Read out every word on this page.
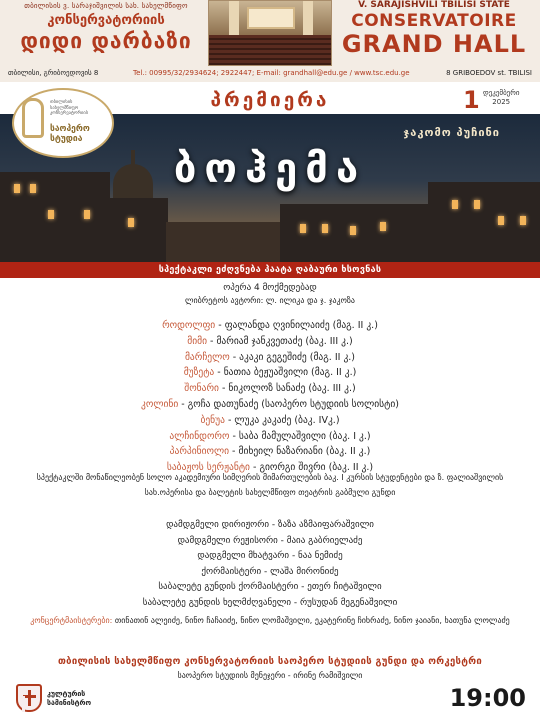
თბილისის ვ. სარაჯიშვილის სახ. სახელმწიფო
კონსერვატორიის
დიდი დარბაზი
V. SARAJISHVILI TBILISI STATE
CONSERVATOIRE
GRAND HALL
თბილისი, გრიბოედოვის 8	Tel.: 00995/32/2934624; 2922447; E-mail: grandhall@edu.ge / www.tsc.edu.ge	8 GRIBOEDOV st. TBILISI
პრემიერა	1 დეკემბერი
2025
ჯაკომო პუჩინი
ბოჰემა
თბილისის
სახელმწიფო
კონსერვატორიის
საოპერო
სტუდია
სპექტაკლი ეძღვნება პაატა ღაბაური ხსოვნას
ოპერა 4 მოქმედებად
ლიბრეტოს ავტორი: ლ. ილიკა და ჯ. ჯაკოზა
როდოლფი - ფალანდა ღვინილაიძე (მაგ. II კ.)
მიმი - მარიამ ჯანკვეთაძე (ბაკ. III კ.)
მარჩელო - აკაკი გეგეშიძე (მაგ. II კ.)
მუზეტა - ნათია ბეჟუაშვილი (მაგ. II კ.)
შონარი - ნიკოლოზ სანაძე (ბაკ. III კ.)
კოლინი - გოჩა დათუნაძე (საოპერო სტუდიის სოლისტი)
ბენუა - ლუკა კაკაძე (ბაკ. IVკ.)
ალჩინდორო - საბა მამულაშვილი (ბაკ. I კ.)
პარპინიოლი - მიხეილ ნაზარიანი (ბაკ. II კ.)
საბაჟოს სერჟანტი - გიორგი შივრი (ბაკ. II კ.)
სპექტაკლში მონაწილეობენ სოლო აკადემიური სიმღერის მიმართულების ბაკ. I კურსის სტუდენტები და ზ. ფალიაშვილის სახ.ოპერისა და ბალეტის სახელმწიფო თეატრის გაბმული გუნდი
დამდგმელი დირიჟორი - ზაზა აზმაიფარაშვილი
დამდგმელი რეჟისორი - მაია გაბრიელაძე
დადგმელი მხატვარი - ნაა ნემიძე
ქორმაისტერი - ლაშა მირონიძე
საბალეტე გუნდის ქორმაისტერი - ეთერ ჩიტაშვილი
საბალეტე გუნდის ხელმძღვანელი - რუსუდან მეგენაშვილი
კონცერტმაისტერები: თინათინ ალეიძე, ნინო ჩაჩაიძე, ნინო ლომაშვილი, ეკატერინე ჩიხრაძე, ნინო ჯაიანი, ხათუნა ლოლაძე
თბილისის სახელმწიფო კონსერვატორიის საოპერო სტუდიის გუნდი და ორკესტრი
საოპერო სტუდიის მენეჯერი - ირინე რამიშვილი
კულტურის
სამინისტრო	19:00
